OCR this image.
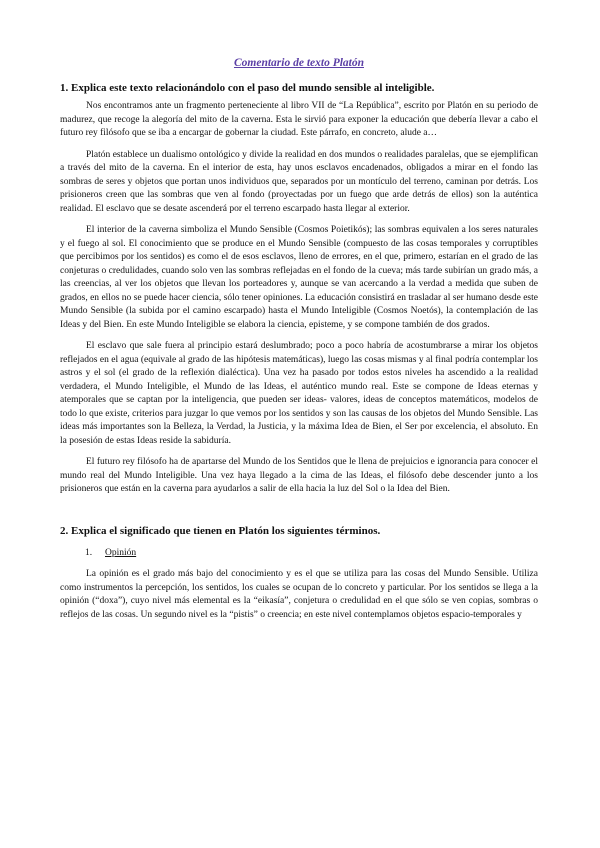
Comentario de texto Platón
1. Explica este texto relacionándolo con el paso del mundo sensible al inteligible.

Nos encontramos ante un fragmento perteneciente al libro VII de “La República”, escrito por Platón en su periodo de madurez, que recoge la alegoría del mito de la caverna. Esta le sirvió para exponer la educación que debería llevar a cabo el futuro rey filósofo que se iba a encargar de gobernar la ciudad. Este párrafo, en concreto, alude a…

Platón establece un dualismo ontológico y divide la realidad en dos mundos o realidades paralelas, que se ejemplifican a través del mito de la caverna. En el interior de esta, hay unos esclavos encadenados, obligados a mirar en el fondo las sombras de seres y objetos que portan unos individuos que, separados por un montículo del terreno, caminan por detrás. Los prisioneros creen que las sombras que ven al fondo (proyectadas por un fuego que arde detrás de ellos) son la auténtica realidad. El esclavo que se desate ascenderá por el terreno escarpado hasta llegar al exterior.

El interior de la caverna simboliza el Mundo Sensible (Cosmos Poietikós); las sombras equivalen a los seres naturales y el fuego al sol. El conocimiento que se produce en el Mundo Sensible (compuesto de las cosas temporales y corruptibles que percibimos por los sentidos) es como el de esos esclavos, lleno de errores, en el que, primero, estarían en el grado de las conjeturas o credulidades, cuando solo ven las sombras reflejadas en el fondo de la cueva; más tarde subirían un grado más, a las creencias, al ver los objetos que llevan los porteadores y, aunque se van acercando a la verdad a medida que suben de grados, en ellos no se puede hacer ciencia, sólo tener opiniones. La educación consistirá en trasladar al ser humano desde este Mundo Sensible (la subida por el camino escarpado) hasta el Mundo Inteligible (Cosmos Noetós), la contemplación de las Ideas y del Bien. En este Mundo Inteligible se elabora la ciencia, episteme, y se compone también de dos grados.

El esclavo que sale fuera al principio estará deslumbrado; poco a poco habría de acostumbrarse a mirar los objetos reflejados en el agua (equivale al grado de las hipótesis matemáticas), luego las cosas mismas y al final podría contemplar los astros y el sol (el grado de la reflexión dialéctica). Una vez ha pasado por todos estos niveles ha ascendido a la realidad verdadera, el Mundo Inteligible, el Mundo de las Ideas, el auténtico mundo real. Este se compone de Ideas eternas y atemporales que se captan por la inteligencia, que pueden ser ideas- valores, ideas de conceptos matemáticos, modelos de todo lo que existe, criterios para juzgar lo que vemos por los sentidos y son las causas de los objetos del Mundo Sensible. Las ideas más importantes son la Belleza, la Verdad, la Justicia, y la máxima Idea de Bien, el Ser por excelencia, el absoluto. En la posesión de estas Ideas reside la sabiduría.

El futuro rey filósofo ha de apartarse del Mundo de los Sentidos que le llena de prejuicios e ignorancia para conocer el mundo real del Mundo Inteligible. Una vez haya llegado a la cima de las Ideas, el filósofo debe descender junto a los prisioneros que están en la caverna para ayudarlos a salir de ella hacia la luz del Sol o la Idea del Bien.

2. Explica el significado que tienen en Platón los siguientes términos.
1. Opinión

La opinión es el grado más bajo del conocimiento y es el que se utiliza para las cosas del Mundo Sensible. Utiliza como instrumentos la percepción, los sentidos, los cuales se ocupan de lo concreto y particular. Por los sentidos se llega a la opinión (“doxa”), cuyo nivel más elemental es la “eikasía”, conjetura o credulidad en el que sólo se ven copias, sombras o reflejos de las cosas. Un segundo nivel es la “pistis” o creencia; en este nivel contemplamos objetos espacio-temporales y
